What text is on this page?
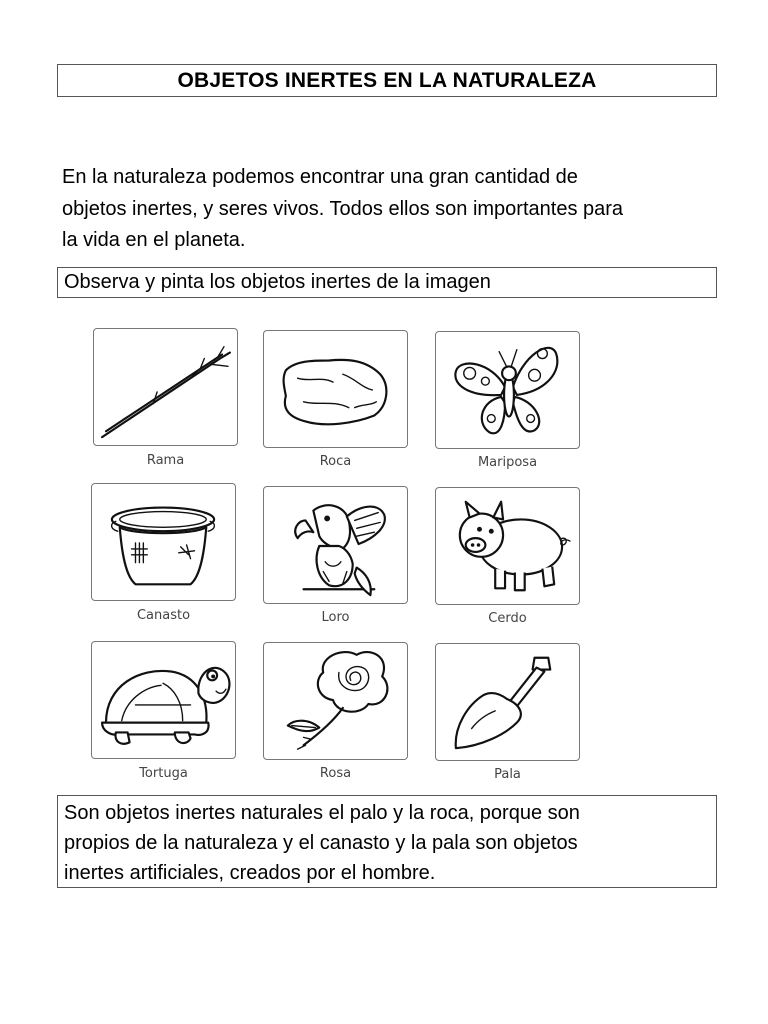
OBJETOS INERTES EN LA NATURALEZA
En la naturaleza podemos encontrar una gran cantidad de
objetos inertes, y seres vivos. Todos ellos son importantes para
la vida en el planeta.
Observa y pinta los objetos inertes de la imagen
Rama	Roca	Mariposa
Canasto	Loro	Cerdo
Tortuga	Rosa	Pala
Son objetos inertes naturales el palo y la roca, porque son
propios de la naturaleza y el canasto y la pala son objetos
inertes artificiales, creados por el hombre.
